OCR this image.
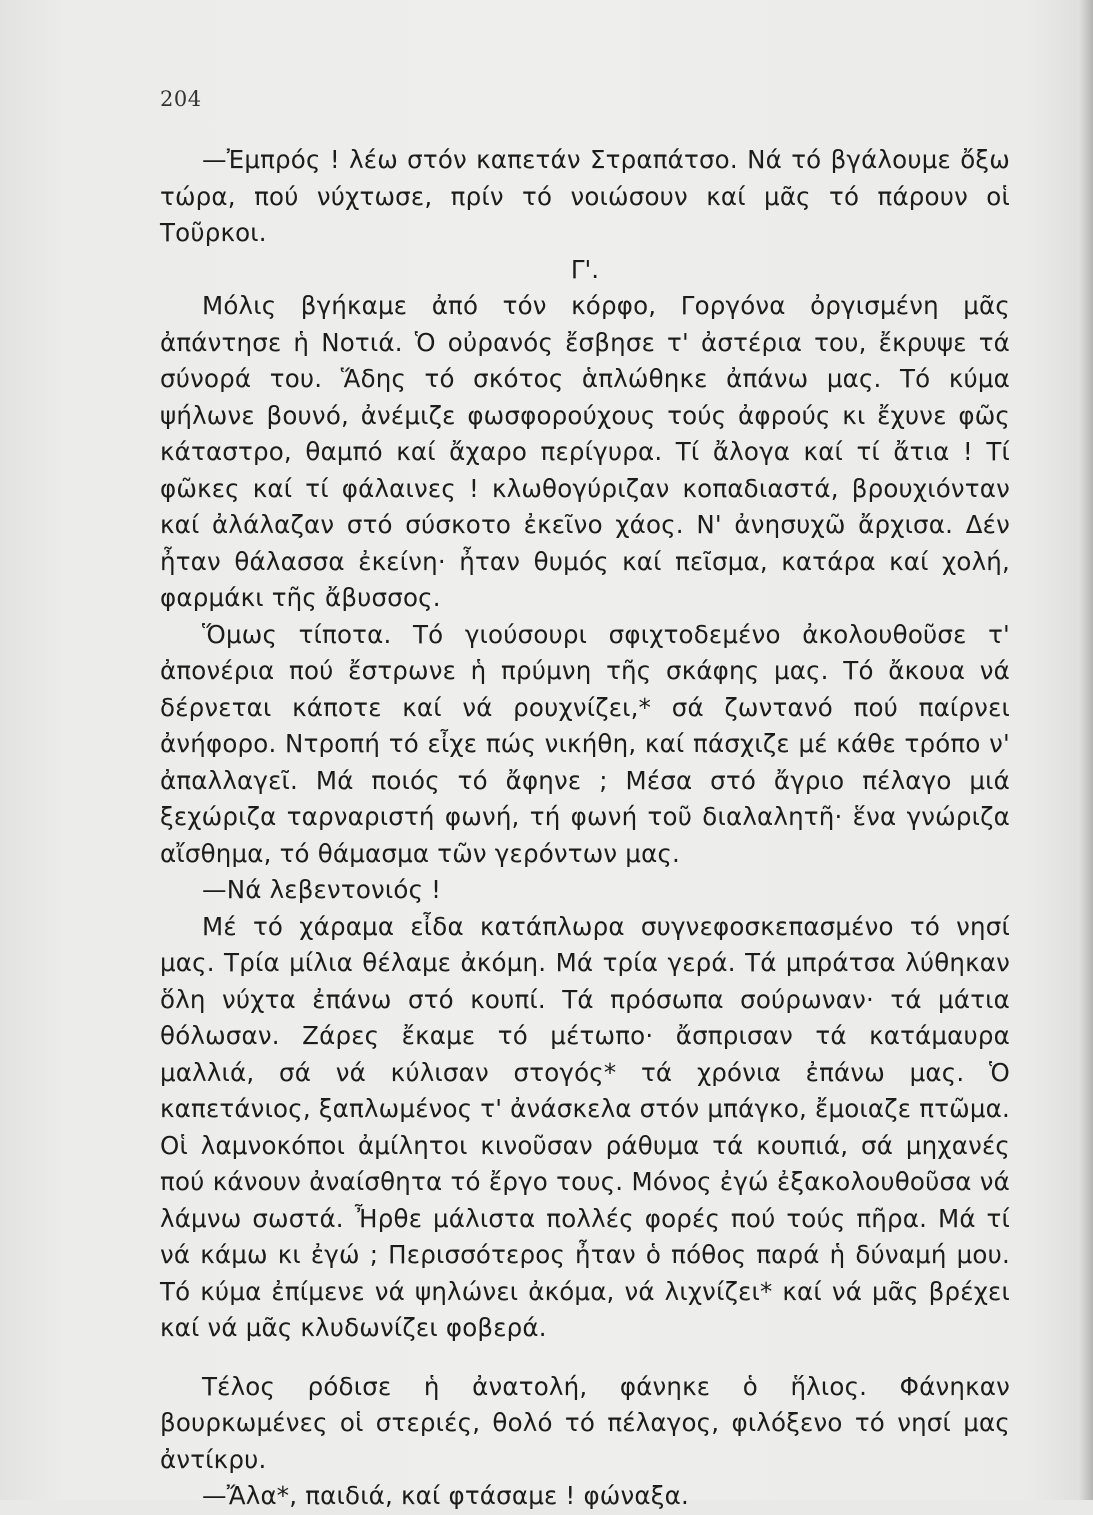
204

—Ἐμπρός ! λέω στόν καπετάν Στραπάτσο. Νά τό βγάλουμε ὄξω τώρα, πού νύχτωσε, πρίν τό νοιώσουν καί μᾶς τό πάρουν οἱ Τοῦρκοι.

Γ'.

Μόλις βγήκαμε ἀπό τόν κόρφο, Γοργόνα ὀργισμένη μᾶς ἀπάντησε ἡ Νοτιά. Ὁ οὐρανός ἔσβησε τ' ἀστέρια του, ἔκρυψε τά σύνορά του. Ἅδης τό σκότος ἁπλώθηκε ἀπάνω μας. Τό κύμα ψήλωνε βουνό, ἀνέμιζε φωσφορούχους τούς ἀφρούς κι ἔχυνε φῶς κάταστρο, θαμπό καί ἄχαρο περίγυρα. Τί ἄλογα καί τί ἄτια ! Τί φῶκες καί τί φάλαινες ! κλωθογύριζαν κοπαδιαστά, βρουχιόνταν καί ἀλάλαζαν στό σύσκοτο ἐκεῖνο χάος. Ν' ἀνησυχῶ ἄρχισα. Δέν ἦταν θάλασσα ἐκείνη· ἦταν θυμός καί πεῖσμα, κατάρα καί χολή, φαρμάκι τῆς ἄβυσσος.

Ὅμως τίποτα. Τό γιούσουρι σφιχτοδεμένο ἀκολουθοῦσε τ' ἀπονέρια πού ἔστρωνε ἡ πρύμνη τῆς σκάφης μας. Τό ἄκουα νά δέρνεται κάποτε καί νά ρουχνίζει,* σά ζωντανό πού παίρνει ἀνήφορο. Ντροπή τό εἶχε πώς νικήθη, καί πάσχιζε μέ κάθε τρόπο ν' ἀπαλλαγεῖ. Μά ποιός τό ἄφηνε ; Μέσα στό ἄγριο πέλαγο μιά ξεχώριζα ταρναριστή φωνή, τή φωνή τοῦ διαλαλητῆ· ἕνα γνώριζα αἴσθημα, τό θάμασμα τῶν γερόντων μας.

—Νά λεβεντονιός !

Μέ τό χάραμα εἶδα κατάπλωρα συγνεφοσκεπασμένο τό νησί μας. Τρία μίλια θέλαμε ἀκόμη. Μά τρία γερά. Τά μπράτσα λύθηκαν ὅλη νύχτα ἐπάνω στό κουπί. Τά πρόσωπα σούρωναν· τά μάτια θόλωσαν. Ζάρες ἔκαμε τό μέτωπο· ἄσπρισαν τά κατάμαυρα μαλλιά, σά νά κύλισαν στογός* τά χρόνια ἐπάνω μας. Ὁ καπετάνιος, ξαπλωμένος τ' ἀνάσκελα στόν μπάγκο, ἔμοιαζε πτῶμα. Οἱ λαμνοκόποι ἀμίλητοι κινοῦσαν ράθυμα τά κουπιά, σά μηχανές πού κάνουν ἀναίσθητα τό ἔργο τους. Μόνος ἐγώ ἐξακολουθοῦσα νά λάμνω σωστά. Ἦρθε μάλιστα πολλές φορές πού τούς πῆρα. Μά τί νά κάμω κι ἐγώ ; Περισσότερος ἦταν ὁ πόθος παρά ἡ δύναμή μου. Τό κύμα ἐπίμενε νά ψηλώνει ἀκόμα, νά λιχνίζει* καί νά μᾶς βρέχει καί νά μᾶς κλυδωνίζει φοβερά.

Τέλος ρόδισε ἡ ἀνατολή, φάνηκε ὁ ἥλιος. Φάνηκαν βουρκωμένες οἱ στεριές, θολό τό πέλαγος, φιλόξενο τό νησί μας ἀντίκρυ.

—Ἄλα*, παιδιά, καί φτάσαμε ! φώναξα.
